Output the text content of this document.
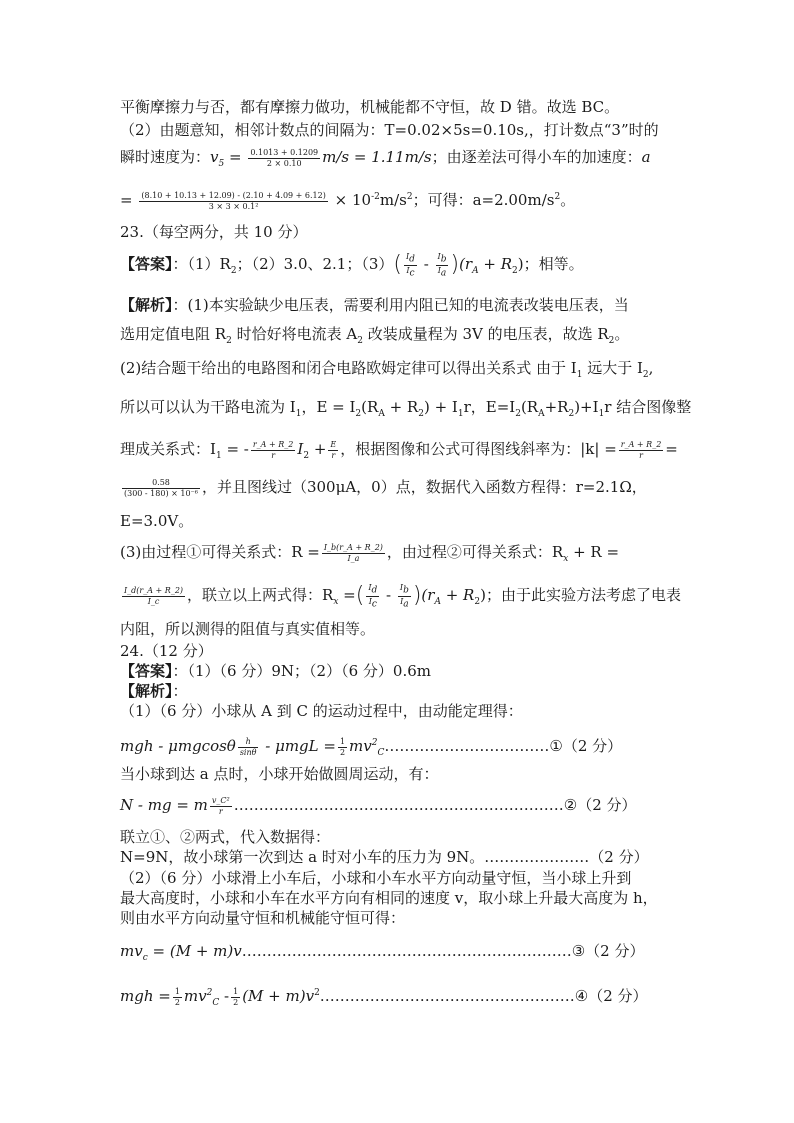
平衡摩擦力与否，都有摩擦力做功，机械能都不守恒，故 D 错。故选 BC。
（2）由题意知，相邻计数点的间隔为：T=0.02×5s=0.10s,，打计数点“3”时的
瞬时速度为：$v_5 = \frac{0.1013 + 0.1209}{2 \times 0.10} m/s = 1.11m/s$；由逐差法可得小车的加速度：a
= $\frac{(8.10 + 10.13 + 12.09) - (2.10 + 4.09 + 6.12)}{\text{3 × 3 × 0.1²}} \times 10^{-2}m/s^2$；可得：$a=2.00m/s^2$。
23.（每空两分，共 10 分）
【答案】：$(1)R_2$；（2）3.0、2.1；$(3)( \frac{I_d}{I_c} - \frac{I_b}{I_a} )(r_A + R_2)$；相等。
【解析】：(1)本实验缺少电压表，需要利用内阻已知的电流表改装电压表，当
选用定值电阻 $R_2$ 时恰好将电流表 $A_2$ 改装成量程为 3V 的电压表，故选 $R_2$。
(2)结合题干给出的电路图和闭合电路欧姆定律可以得出关系式 由于 $I_1$ 远大于 $I_2$,
所以可以认为干路电流为 $I_1$，$E = I_2(R_A + R_2) + I_1r$，$E=I_2(R_A+R_2)+I_1r$ 结合图像整
理成关系式：$I_1$ = - $\frac{r\_A + R\_2}{r} I_2 + \frac{E}{r}$ ，根据图像和公式可得图线斜率为：$|k| = \frac{r\_A + R\_2}{r}$ =
$\frac{0.58}{\text{(300 - 180) × 10⁻⁶}}$ ，并且图线过（300μA，0）点，数据代入函数方程得：r=2.1Ω，
E=3.0V。
(3)由过程①可得关系式：$R = \frac{I\_b(r\_A + R\_2)}{I\_a}$ ，由过程②可得关系式：$R_x + R$ =
$\frac{I\_d(r\_A + R\_2)}{I\_c}$ ，联立以上两式得：$R_x$ =( $\frac{I_d}{I_c} - \frac{I_b}{I_a} )(r_A + R_2)$；由于此实验方法考虑了电表
内阻，所以测得的阻值与真实值相等。
24.（12 分）
【答案】：（1）（6 分）9N；（2）（6 分）0.6m
【解析】：
（1）（6 分）小球从 A 到 C 的运动过程中，由动能定理得：
mgh - μmgcosθ $\frac{h}{\sin\theta} - \mu mgL = \frac{1}{2}$ $mv^2_C\dots\dots\dots\dots\dots\dots\dots\dots\dots\dots\dots ①(2$ 分）
当小球到达 a 点时，小球开始做圆周运动，有：
N - mg = m $\frac{\text{v\_C²}}{r}$ …………………………………………………………②（2 分）
联立①、②两式，代入数据得：
N=9N，故小球第一次到达 a 时对小车的压力为 9N。…………………（2 分）
（2）（6 分）小球滑上小车后，小球和小车水平方向动量守恒，当小球上升到
最大高度时，小球和小车在水平方向有相同的速度 v，取小球上升最大高度为 h，
则由水平方向动量守恒和机械能守恒可得：
$mv_c = (M$ + m)v…………………………………………………………③（2 分）
mgh = $\frac{1}{2} mv^2_C - \frac{1}{2} (M$ + $m)v^2\dots\dots\dots\dots\dots\dots\dots\dots\dots\dots\dots\dots\dots\dots\dots\dots\dots ④(2$ 分）
